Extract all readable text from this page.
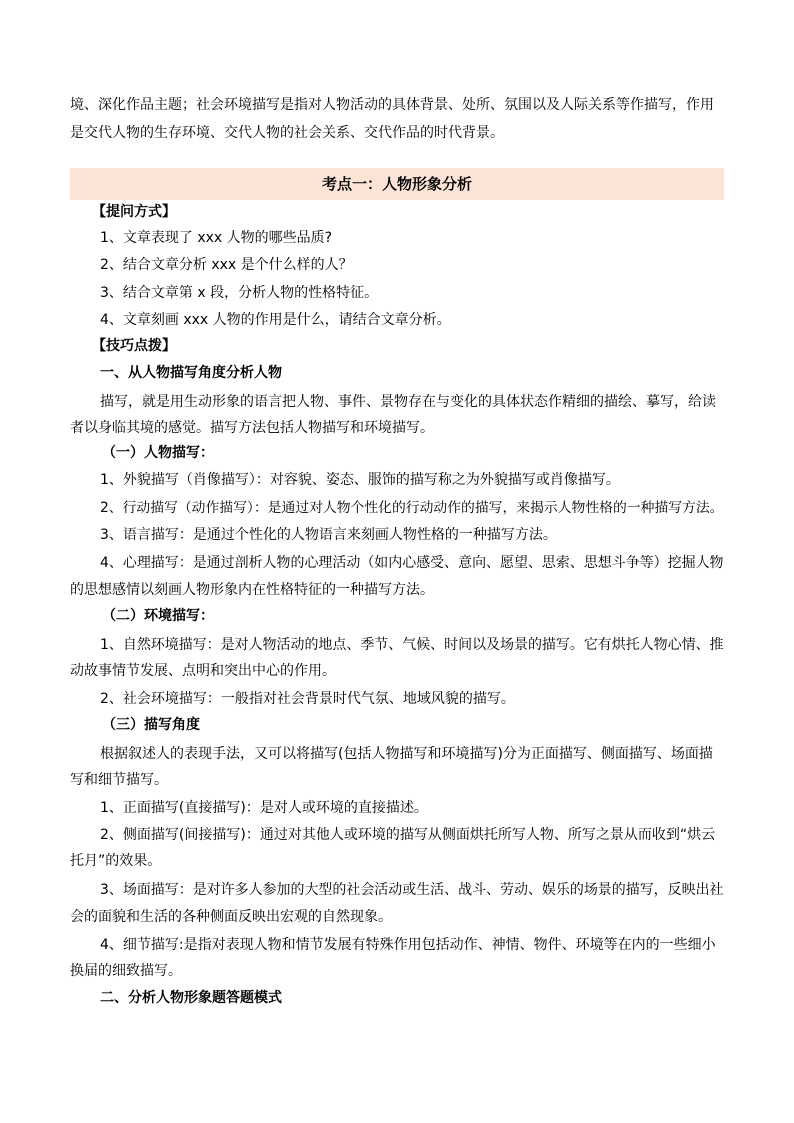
境、深化作品主题；社会环境描写是指对人物活动的具体背景、处所、氛围以及人际关系等作描写，作用
是交代人物的生存环境、交代人物的社会关系、交代作品的时代背景。
考点一：人物形象分析
【提问方式】
1、文章表现了 xxx 人物的哪些品质?
2、结合文章分析 xxx 是个什么样的人？
3、结合文章第 x 段，分析人物的性格特征。
4、文章刻画 xxx 人物的作用是什么，请结合文章分析。
【技巧点拨】
一、从人物描写角度分析人物
描写，就是用生动形象的语言把人物、事件、景物存在与变化的具体状态作精细的描绘、摹写，给读
者以身临其境的感觉。描写方法包括人物描写和环境描写。
（一）人物描写：
1、外貌描写（肖像描写）：对容貌、姿态、服饰的描写称之为外貌描写或肖像描写。
2、行动描写（动作描写）：是通过对人物个性化的行动动作的描写，来揭示人物性格的一种描写方法。
3、语言描写：是通过个性化的人物语言来刻画人物性格的一种描写方法。
4、心理描写：是通过剖析人物的心理活动（如内心感受、意向、愿望、思索、思想斗争等）挖掘人物
的思想感情以刻画人物形象内在性格特征的一种描写方法。
（二）环境描写：
1、自然环境描写：是对人物活动的地点、季节、气候、时间以及场景的描写。它有烘托人物心情、推
动故事情节发展、点明和突出中心的作用。
2、社会环境描写：一般指对社会背景时代气氛、地域风貌的描写。
（三）描写角度
根据叙述人的表现手法，又可以将描写(包括人物描写和环境描写)分为正面描写、侧面描写、场面描
写和细节描写。
1、正面描写(直接描写)：是对人或环境的直接描述。
2、侧面描写(间接描写)：通过对其他人或环境的描写从侧面烘托所写人物、所写之景从而收到“烘云
托月”的效果。
3、场面描写：是对许多人参加的大型的社会活动或生活、战斗、劳动、娱乐的场景的描写，反映出社
会的面貌和生活的各种侧面反映出宏观的自然现象。
4、细节描写:是指对表现人物和情节发展有特殊作用包括动作、神情、物件、环境等在内的一些细小
换届的细致描写。
二、分析人物形象题答题模式
